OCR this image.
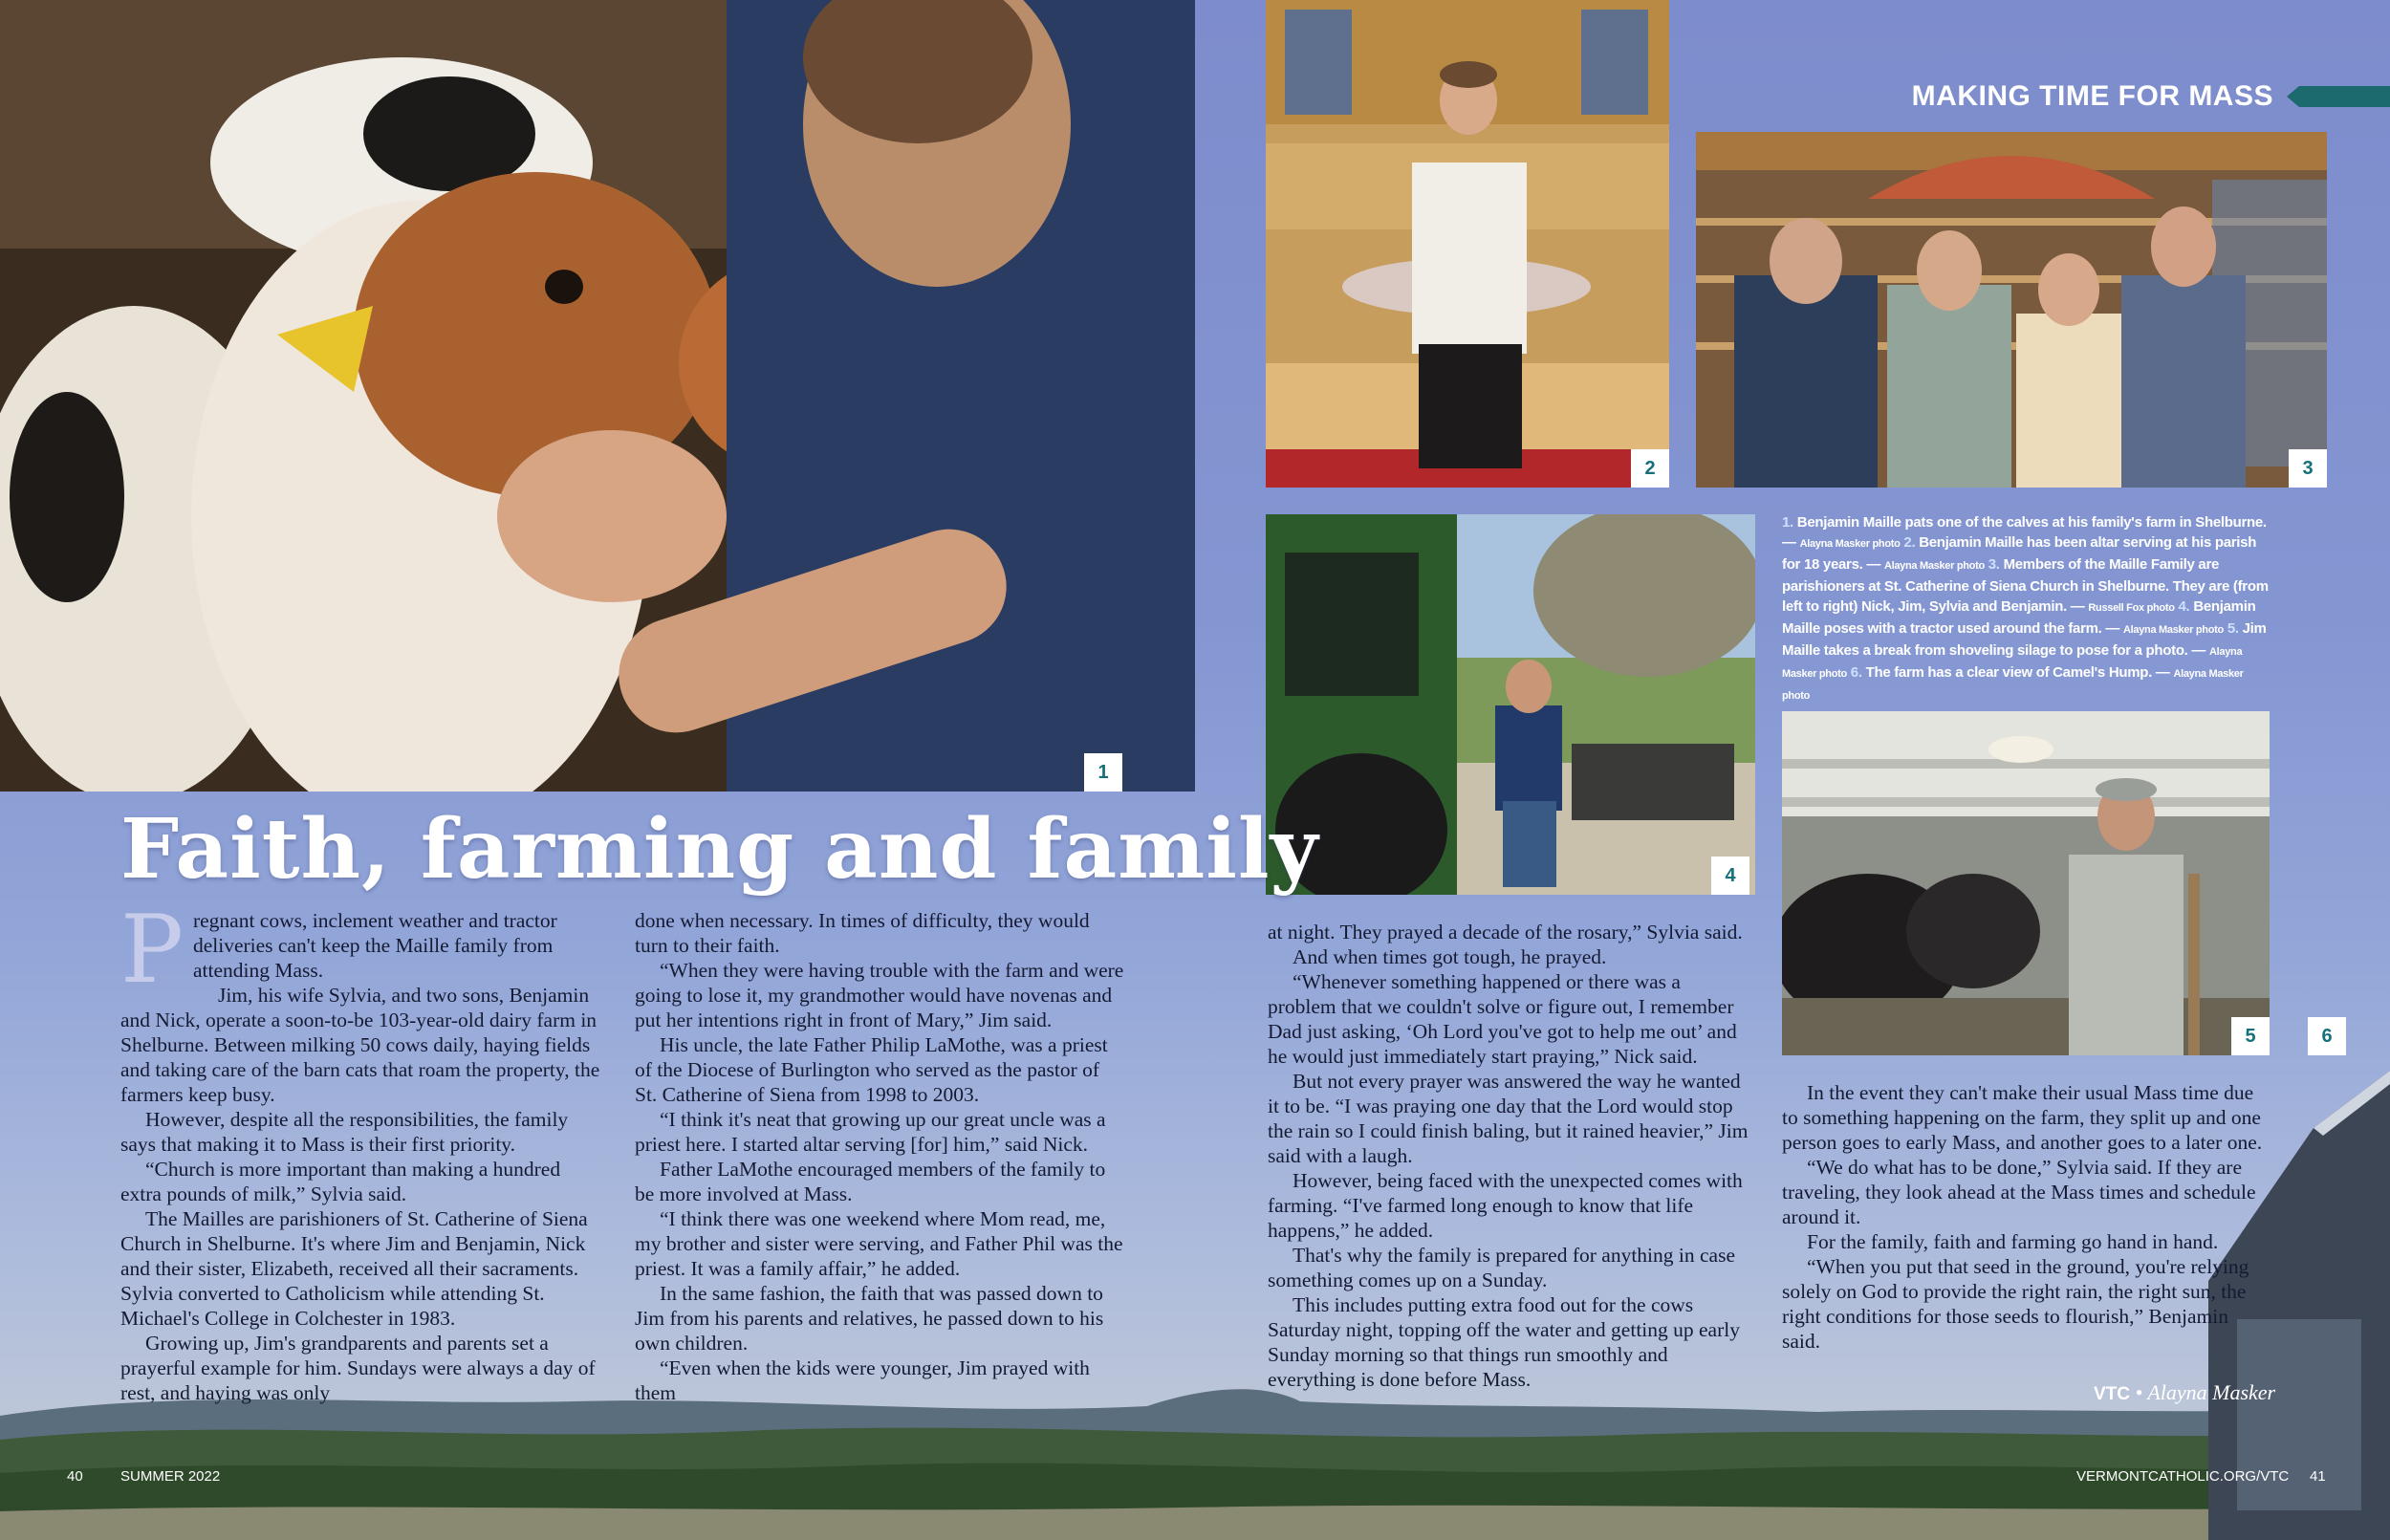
1
2	3
4
5	6
MAKING TIME FOR MASS
1. Benjamin Maille pats one of the calves at his family's farm in Shelburne. — Alayna Masker photo 2. Benjamin Maille has been altar serving at his parish for 18 years. — Alayna Masker photo 3. Members of the Maille Family are parishioners at St. Catherine of Siena Church in Shelburne. They are (from left to right) Nick, Jim, Sylvia and Benjamin. — Russell Fox photo 4. Benjamin Maille poses with a tractor used around the farm. — Alayna Masker photo 5. Jim Maille takes a break from shoveling silage to pose for a photo. — Alayna Masker photo 6. The farm has a clear view of Camel's Hump. — Alayna Masker photo
Faith, farming and family

Pregnant cows, inclement weather and tractor deliveries can't keep the Maille family from attending Mass.

Jim, his wife Sylvia, and two sons, Benjamin and Nick, operate a soon-to-be 103-year-old dairy farm in Shelburne. Between milking 50 cows daily, haying fields and taking care of the barn cats that roam the property, the farmers keep busy.

However, despite all the responsibilities, the family says that making it to Mass is their first priority.

“Church is more important than making a hundred extra pounds of milk,” Sylvia said.

The Mailles are parishioners of St. Catherine of Siena Church in Shelburne. It's where Jim and Benjamin, Nick and their sister, Elizabeth, received all their sacraments. Sylvia converted to Catholicism while attending St. Michael's College in Colchester in 1983.

Growing up, Jim's grandparents and parents set a prayerful example for him. Sundays were always a day of rest, and haying was only

done when necessary. In times of difficulty, they would turn to their faith.

“When they were having trouble with the farm and were going to lose it, my grandmother would have novenas and put her intentions right in front of Mary,” Jim said.

His uncle, the late Father Philip LaMothe, was a priest of the Diocese of Burlington who served as the pastor of St. Catherine of Siena from 1998 to 2003.

“I think it's neat that growing up our great uncle was a priest here. I started altar serving [for] him,” said Nick.

Father LaMothe encouraged members of the family to be more involved at Mass.

“I think there was one weekend where Mom read, me, my brother and sister were serving, and Father Phil was the priest. It was a family affair,” he added.

In the same fashion, the faith that was passed down to Jim from his parents and relatives, he passed down to his own children.

“Even when the kids were younger, Jim prayed with them

at night. They prayed a decade of the rosary,” Sylvia said.

And when times got tough, he prayed.

“Whenever something happened or there was a problem that we couldn't solve or figure out, I remember Dad just asking, ‘Oh Lord you've got to help me out’ and he would just immediately start praying,” Nick said.

But not every prayer was answered the way he wanted it to be. “I was praying one day that the Lord would stop the rain so I could finish baling, but it rained heavier,” Jim said with a laugh.

However, being faced with the unexpected comes with farming. “I've farmed long enough to know that life happens,” he added.

That's why the family is prepared for anything in case something comes up on a Sunday.

This includes putting extra food out for the cows Saturday night, topping off the water and getting up early Sunday morning so that things run smoothly and everything is done before Mass.

In the event they can't make their usual Mass time due to something happening on the farm, they split up and one person goes to early Mass, and another goes to a later one.

“We do what has to be done,” Sylvia said. If they are traveling, they look ahead at the Mass times and schedule around it.

For the family, faith and farming go hand in hand.

“When you put that seed in the ground, you're relying solely on God to provide the right rain, the right sun, the right conditions for those seeds to flourish,” Benjamin said.

VTC • Alayna Masker
40	SUMMER 2022	VERMONTCATHOLIC.ORG/VTC 41
